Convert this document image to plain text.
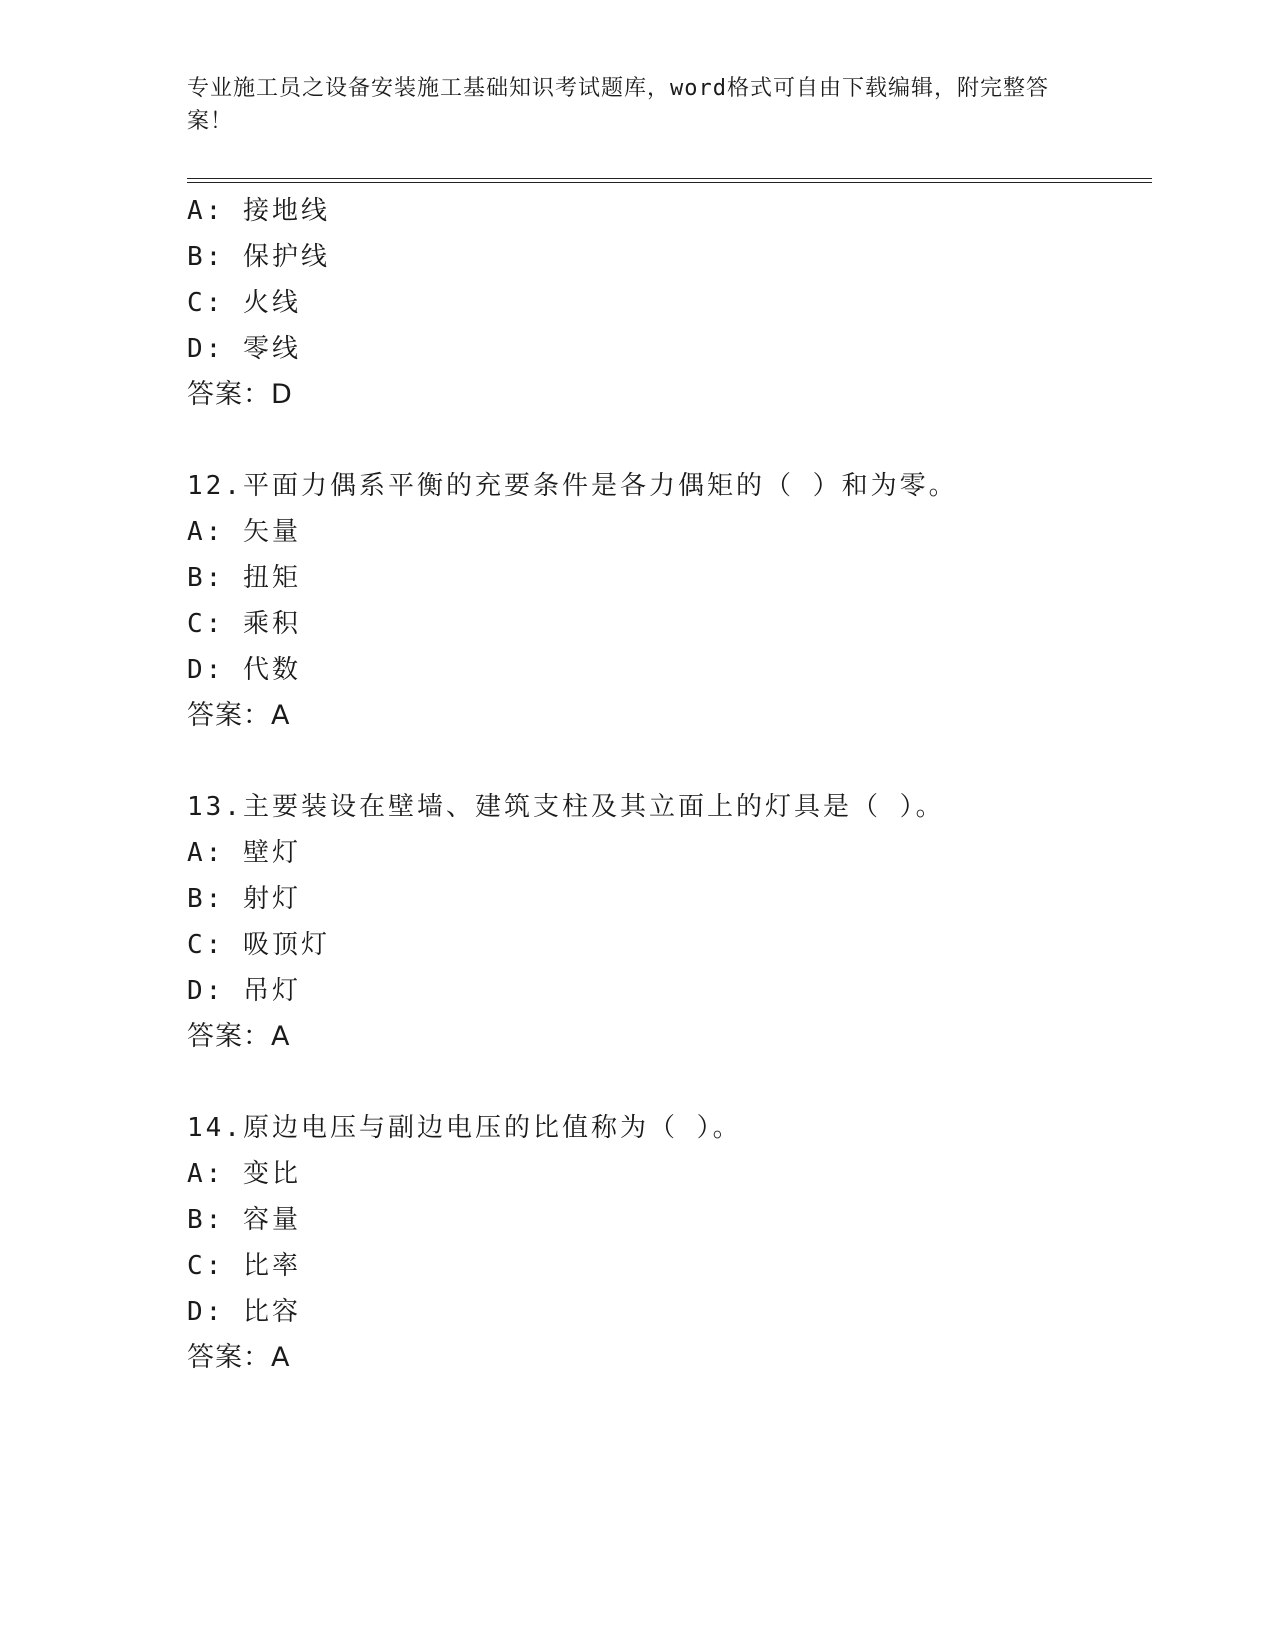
专业施工员之设备安装施工基础知识考试题库，word格式可自由下载编辑，附完整答案！
A: 接地线
B: 保护线
C: 火线
D: 零线
答案：D
12.平面力偶系平衡的充要条件是各力偶矩的（ ）和为零。
A: 矢量
B: 扭矩
C: 乘积
D: 代数
答案：A
13.主要装设在壁墙、建筑支柱及其立面上的灯具是（ ）。
A: 壁灯
B: 射灯
C: 吸顶灯
D: 吊灯
答案：A
14.原边电压与副边电压的比值称为（ ）。
A: 变比
B: 容量
C: 比率
D: 比容
答案：A
